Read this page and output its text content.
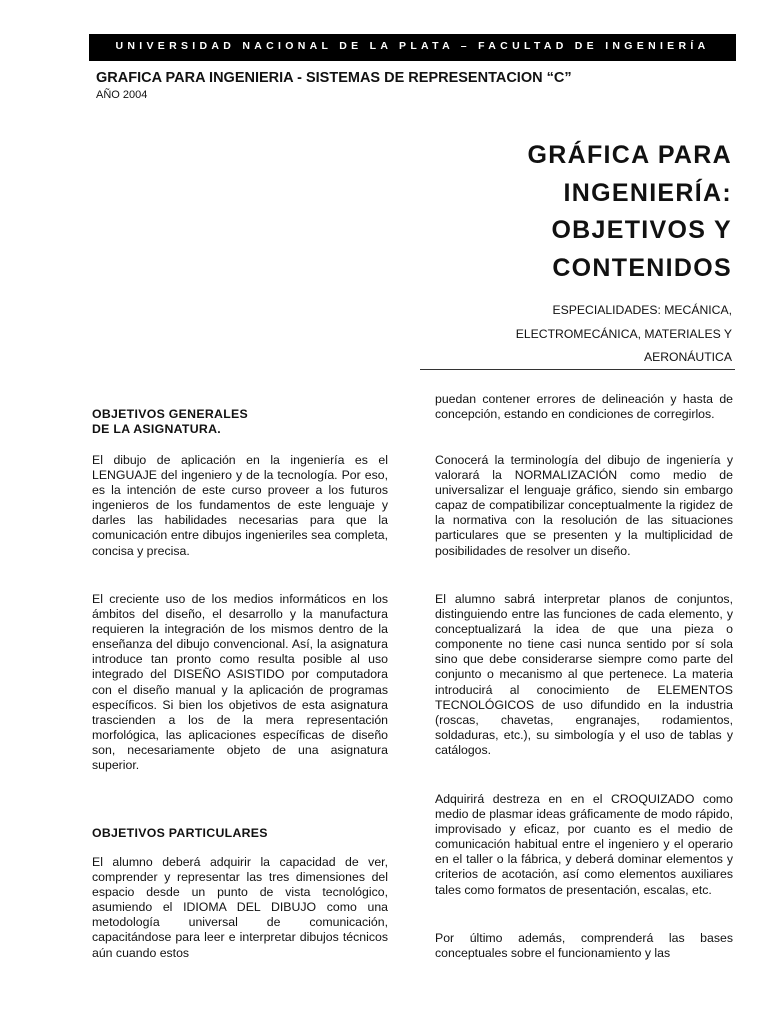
UNIVERSIDAD NACIONAL DE LA PLATA – FACULTAD DE INGENIERÍA
GRAFICA PARA INGENIERIA - SISTEMAS DE REPRESENTACION “C”
AÑO 2004
GRÁFICA PARA
INGENIERÍA:
OBJETIVOS Y
CONTENIDOS
ESPECIALIDADES: MECÁNICA,
ELECTROMECÁNICA, MATERIALES Y
AERONÁUTICA

OBJETIVOS GENERALES
DE LA ASIGNATURA.

El dibujo de aplicación en la ingeniería es el LENGUAJE del ingeniero y de la tecnología. Por eso, es la intención de este curso proveer a los futuros ingenieros de los fundamentos de este lenguaje y darles las habilidades necesarias para que la comunicación entre dibujos ingenieriles sea completa, concisa y precisa.

El creciente uso de los medios informáticos en los ámbitos del diseño, el desarrollo y la manufactura requieren la integración de los mismos dentro de la enseñanza del dibujo convencional. Así, la asignatura introduce tan pronto como resulta posible al uso integrado del DISEÑO ASISTIDO por computadora con el diseño manual y la aplicación de programas específicos. Si bien los objetivos de esta asignatura trascienden a los de la mera representación morfológica, las aplicaciones específicas de diseño son, necesariamente objeto de una asignatura superior.

OBJETIVOS PARTICULARES

El alumno deberá adquirir la capacidad de ver, comprender y representar las tres dimensiones del espacio desde un punto de vista tecnológico, asumiendo el IDIOMA DEL DIBUJO como una metodología universal de comunicación, capacitándose para leer e interpretar dibujos técnicos aún cuando estos

puedan contener errores de delineación y hasta de concepción, estando en condiciones de corregirlos.

Conocerá la terminología del dibujo de ingeniería y valorará la NORMALIZACIÓN como medio de universalizar el lenguaje gráfico, siendo sin embargo capaz de compatibilizar conceptualmente la rigidez de la normativa con la resolución de las situaciones particulares que se presenten y la multiplicidad de posibilidades de resolver un diseño.

El alumno sabrá interpretar planos de conjuntos, distinguiendo entre las funciones de cada elemento, y conceptualizará la idea de que una pieza o componente no tiene casi nunca sentido por sí sola sino que debe considerarse siempre como parte del conjunto o mecanismo al que pertenece. La materia introducirá al conocimiento de ELEMENTOS TECNOLÓGICOS de uso difundido en la industria (roscas, chavetas, engranajes, rodamientos, soldaduras, etc.), su simbología y el uso de tablas y catálogos.

Adquirirá destreza en en el CROQUIZADO como medio de plasmar ideas gráficamente de modo rápido, improvisado y eficaz, por cuanto es el medio de comunicación habitual entre el ingeniero y el operario en el taller o la fábrica, y deberá dominar elementos y criterios de acotación, así como elementos auxiliares tales como formatos de presentación, escalas, etc.

Por último además, comprenderá las bases conceptuales sobre el funcionamiento y las
